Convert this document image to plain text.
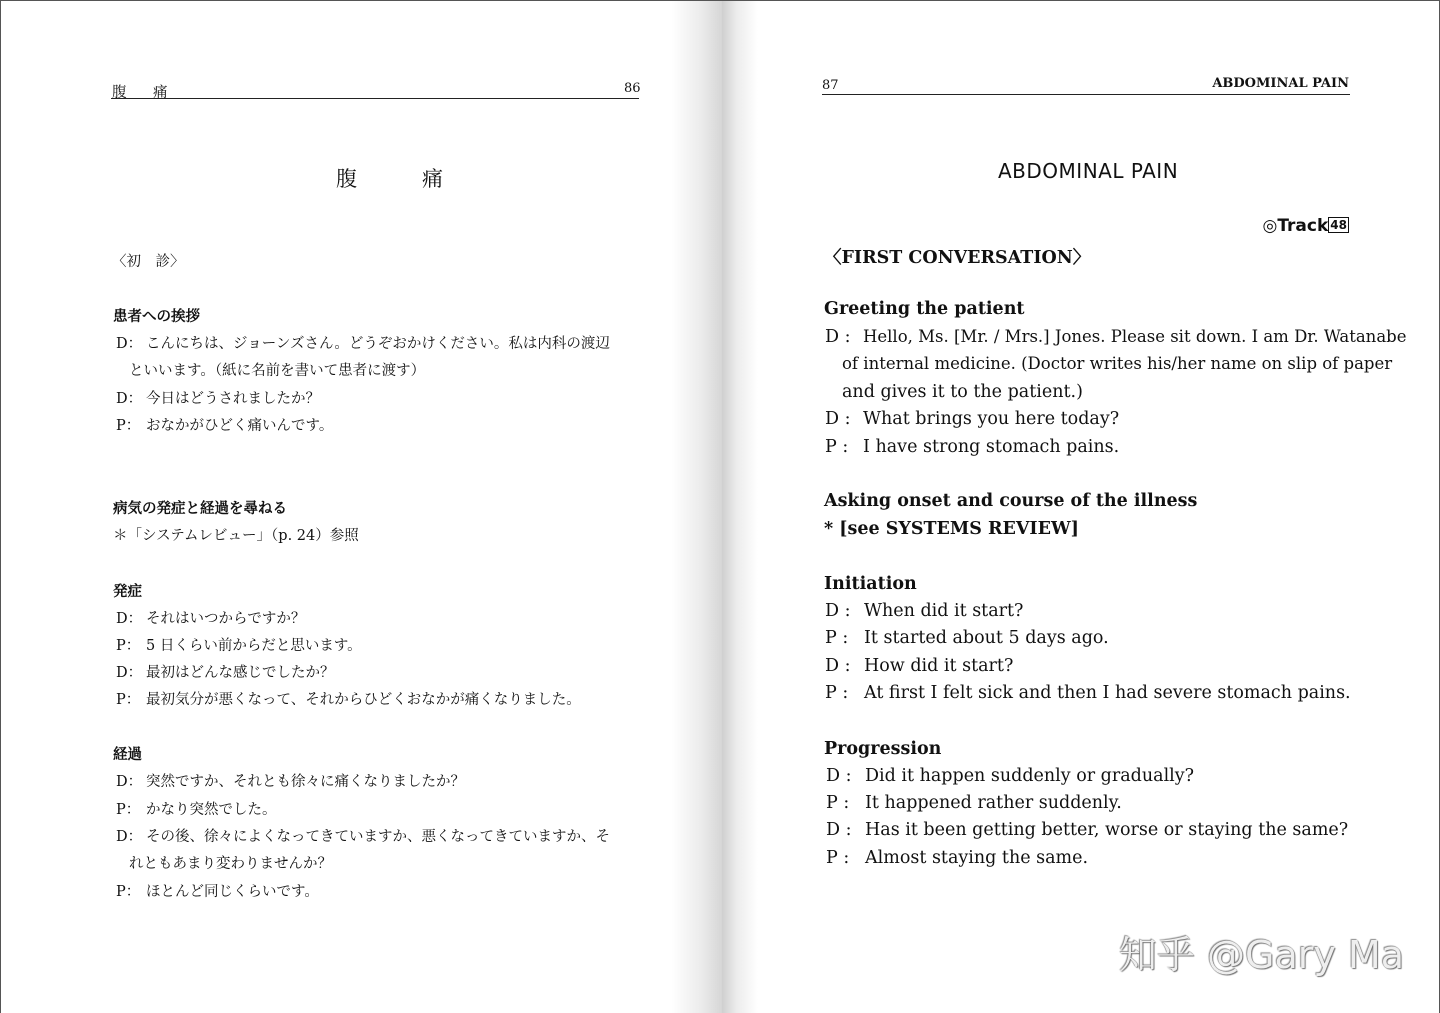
腹　痛	86
腹　痛
〈初　診〉
患者への挨拶
D： こんにちは、ジョーンズさん。どうぞおかけください。私は内科の渡辺
といいます。（紙に名前を書いて患者に渡す）
D： 今日はどうされましたか？
P： おなかがひどく痛いんです。
病気の発症と経過を尋ねる
＊「システムレビュー」（p. 24）参照
発症
D： それはいつからですか？
P： 5 日くらい前からだと思います。
D： 最初はどんな感じでしたか？
P： 最初気分が悪くなって、それからひどくおなかが痛くなりました。
経過
D： 突然ですか、それとも徐々に痛くなりましたか？
P： かなり突然でした。
D： その後、徐々によくなってきていますか、悪くなってきていますか、そ
れともあまり変わりませんか？
P： ほとんど同じくらいです。
87	ABDOMINAL PAIN
ABDOMINAL PAIN
◎Track 48
〈FIRST CONVERSATION〉
Greeting the patient
D : Hello, Ms. [Mr. / Mrs.] Jones. Please sit down. I am Dr. Watanabe
of internal medicine. (Doctor writes his/her name on slip of paper
and gives it to the patient.)
D : What brings you here today?
P : I have strong stomach pains.
Asking onset and course of the illness
* [see SYSTEMS REVIEW]
Initiation
D : When did it start?
P : It started about 5 days ago.
D : How did it start?
P : At first I felt sick and then I had severe stomach pains.
Progression
D : Did it happen suddenly or gradually?
P : It happened rather suddenly.
D : Has it been getting better, worse or staying the same?
P : Almost staying the same.
知乎 @Gary Ma
